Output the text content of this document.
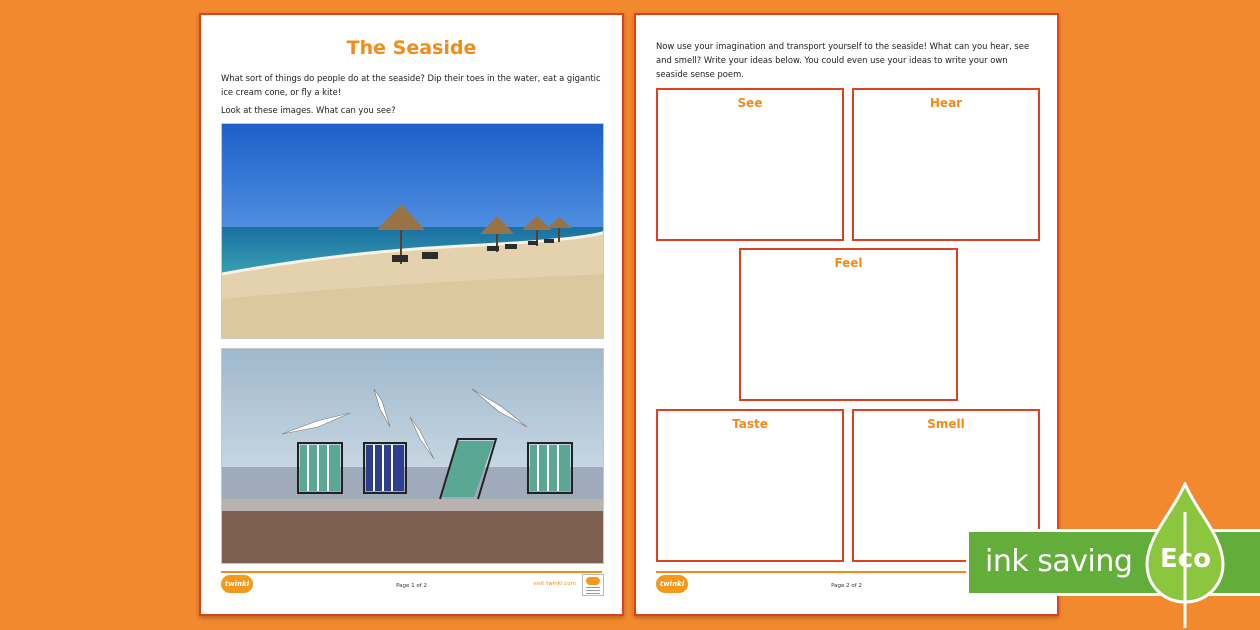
The Seaside
What sort of things do people do at the seaside? Dip their toes in the water, eat a gigantic ice cream cone, or fly a kite!
Look at these images. What can you see?
twinkl	Page 1 of 2	visit twinkl.com
Now use your imagination and transport yourself to the seaside! What can you hear, see and smell? Write your ideas below. You could even use your ideas to write your own seaside sense poem.
See	Hear
Feel
Taste	Smell
twinkl	Page 2 of 2
ink saving Eco
